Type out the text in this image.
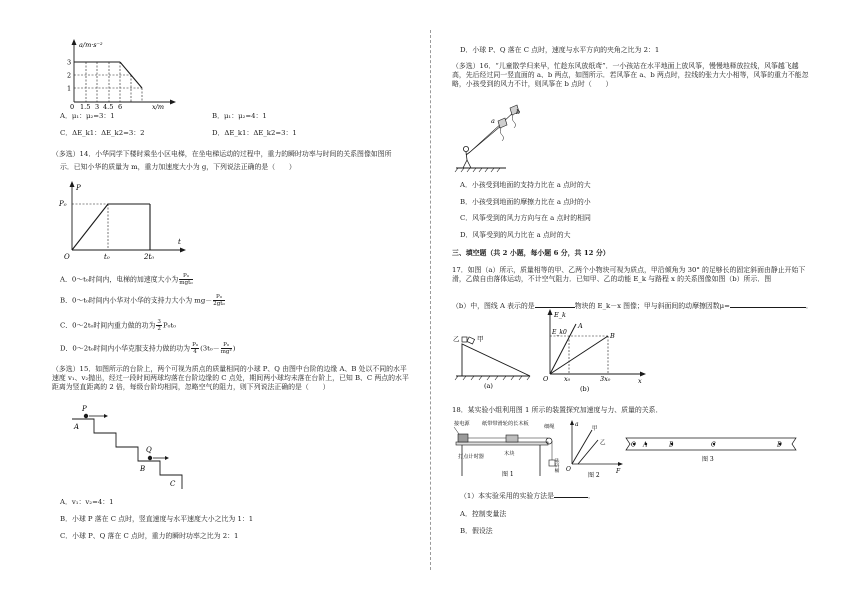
a/m·s⁻²
3
2
1
0 1.5 3 4.5 6	x/m
A．μ₁：μ₂=3：1	B．μ₁：μ₂=4：1
C．ΔE_k1：ΔE_k2=3：2	D．ΔE_k1：ΔE_k2=3：1
（多选）14．小华同学下楼时乘坐小区电梯，在坐电梯运动的过程中，重力的瞬时功率与时间的关系图像如图所
示．已知小华的质量为 m，重力加速度大小为 g，下列说法正确的是（　　）
P
P₀
O	t₀	2t₀
t
A．0～t₀时间内，电梯的加速度大小为 $\frac{\text{P₀}}{\text{mgt₀}}$
B．0～t₀时间内小华对小华的支持力大小为 $mg- \frac{\text{P₀}}{\text{2gt₀}}$
C．0～2t₀时间内重力做的功为 $\frac{3}{2} P_0t_0$
D．0～2t₀时间内小华克服支持力做的功为 $\frac{\text{P₀}}{4} (3t_0- \frac{\text{P₀}}{\text{mg²}}$ )
（多选）15．如图所示的台阶上，两个可视为质点的质量相同的小球 P、Q 由图中台阶的边缘 A、B 处以不同的水平速度 v₁、v₂抛出，经过一段时间两球均落在台阶边缘的 C 点处，期间两小球均未落在台阶上，已知 B、C 两点的水平距离为竖直距离的 2 倍，每级台阶均相同，忽略空气的阻力，则下列说法正确的是（　　）
P
A
Q
B
C
A．v₁：v₂=4：1
B．小球 P 落在 C 点时，竖直速度与水平速度大小之比为 1：1
C．小球 P、Q 落在 C 点时，重力的瞬时功率之比为 2：1
D．小球 P、Q 落在 C 点时，速度与水平方向的夹角之比为 2：1
（多选）16．“儿童散学归来早，忙趁东风放纸鸢”．一小孩站在水平地面上放风筝，慢慢地释放拉线，风筝越飞越高，先后经过同一竖直面的 a、b 两点，如图所示．若风筝在 a、b 两点时，拉线的张力大小相等，风筝的重力不能忽略，小孩受到的风力不计，则风筝在 b 点时（　　）
a
b
A．小孩受到地面的支持力比在 a 点时的大
B．小孩受到地面的摩擦力比在 a 点时的小
C．风筝受到的风力方向与在 a 点时的相同
D．风筝受到的风力比在 a 点时的大
三、填空题（共 2 小题，每小题 6 分，共 12 分）
17．如图（a）所示，质量相等的甲、乙两个小物块可视为质点，甲沿倾角为 30° 的足够长的固定斜面由静止开始下滑，乙做自由落体运动，不计空气阻力．已知甲、乙的动能 E_k 与路程 x 的关系图像如图（b）所示．图
（b）中，图线 A 表示的是	物块的 E_k－x 图像；甲与斜面间的动摩擦因数μ=	．
乙	甲
(a)
E_k
E_k0
A
B
O x₀	3x₀	x
(b)
18．某实验小组利用图 1 所示的装置探究加速度与力、质量的关系．
接电源 纸带带滑轮的长木板	细绳
打点计时器	木块
砝码桶
图 1
a
甲
乙
O	F
图 2
O A	B	C	D
图 3
（1）本实验采用的实验方法是	．
A．控制变量法
B．假设法
